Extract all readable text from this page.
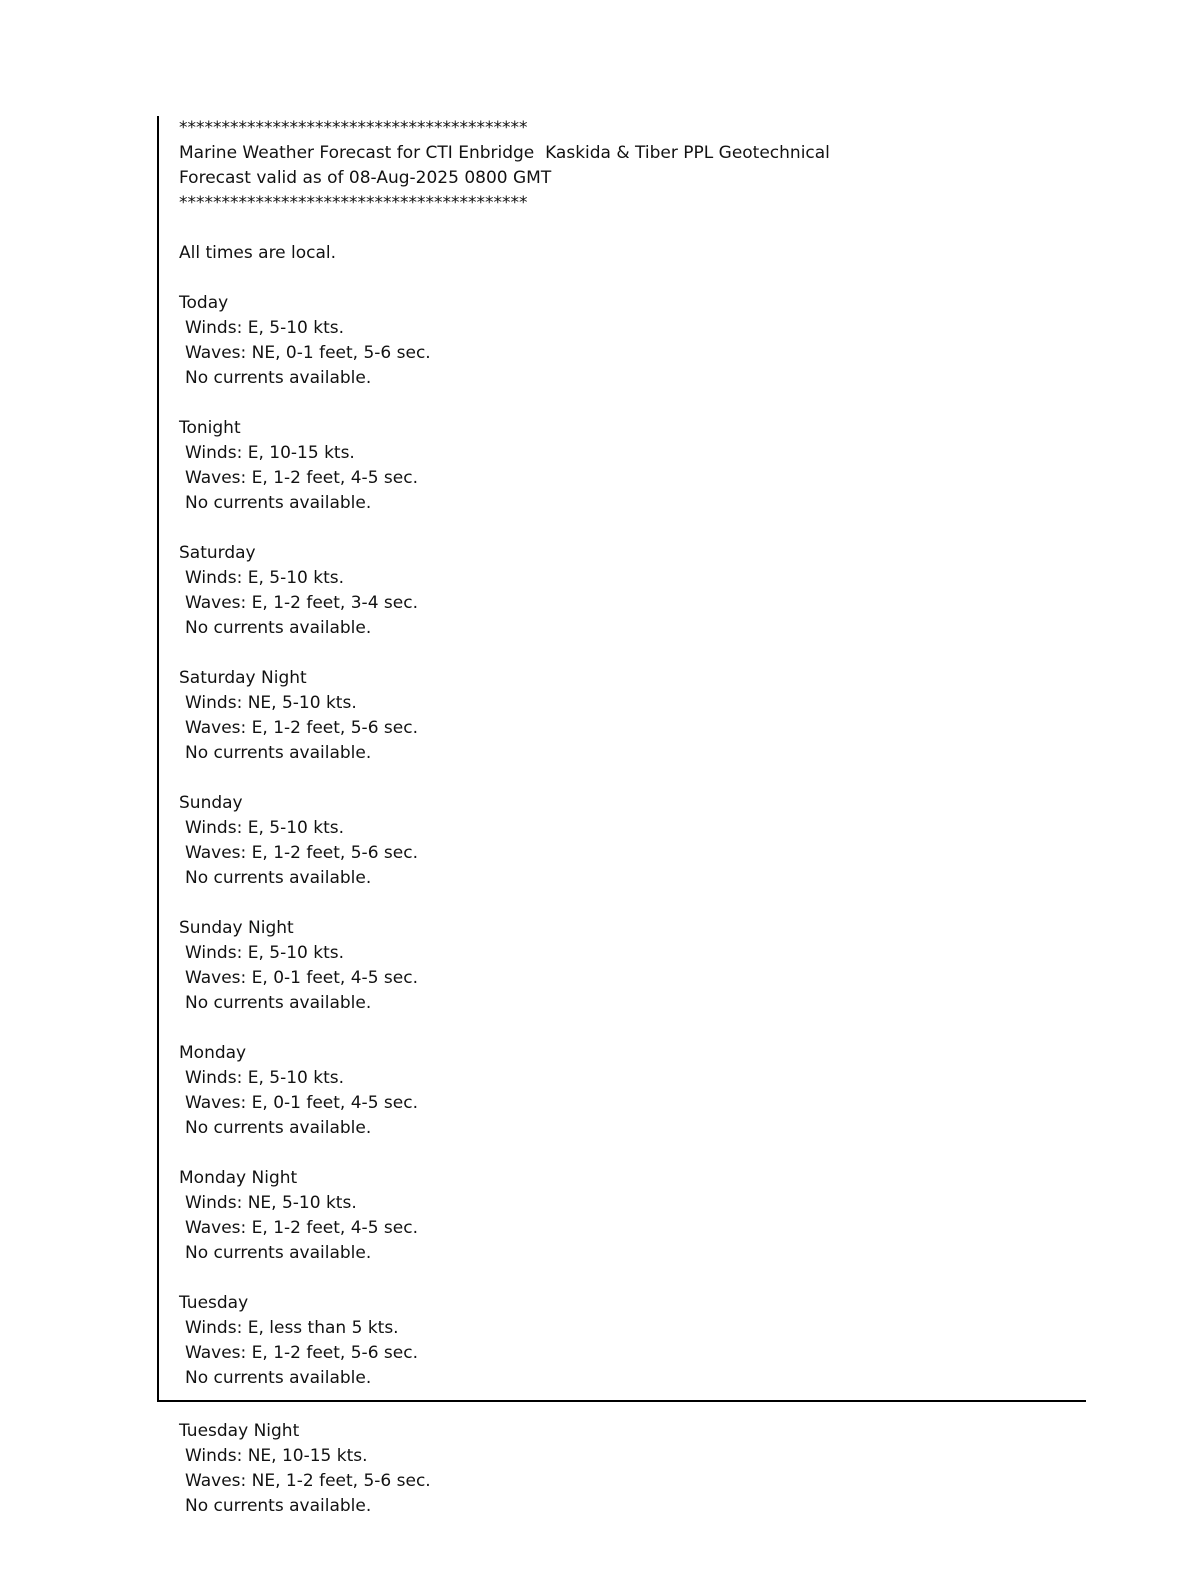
*****************************************
Marine Weather Forecast for CTI Enbridge  Kaskida & Tiber PPL Geotechnical
Forecast valid as of 08-Aug-2025 0800 GMT
*****************************************
All times are local.
Today
Winds: E, 5-10 kts.
Waves: NE, 0-1 feet, 5-6 sec.
No currents available.
Tonight
Winds: E, 10-15 kts.
Waves: E, 1-2 feet, 4-5 sec.
No currents available.
Saturday
Winds: E, 5-10 kts.
Waves: E, 1-2 feet, 3-4 sec.
No currents available.
Saturday Night
Winds: NE, 5-10 kts.
Waves: E, 1-2 feet, 5-6 sec.
No currents available.
Sunday
Winds: E, 5-10 kts.
Waves: E, 1-2 feet, 5-6 sec.
No currents available.
Sunday Night
Winds: E, 5-10 kts.
Waves: E, 0-1 feet, 4-5 sec.
No currents available.
Monday
Winds: E, 5-10 kts.
Waves: E, 0-1 feet, 4-5 sec.
No currents available.
Monday Night
Winds: NE, 5-10 kts.
Waves: E, 1-2 feet, 4-5 sec.
No currents available.
Tuesday
Winds: E, less than 5 kts.
Waves: E, 1-2 feet, 5-6 sec.
No currents available.
Tuesday Night
Winds: NE, 10-15 kts.
Waves: NE, 1-2 feet, 5-6 sec.
No currents available.
